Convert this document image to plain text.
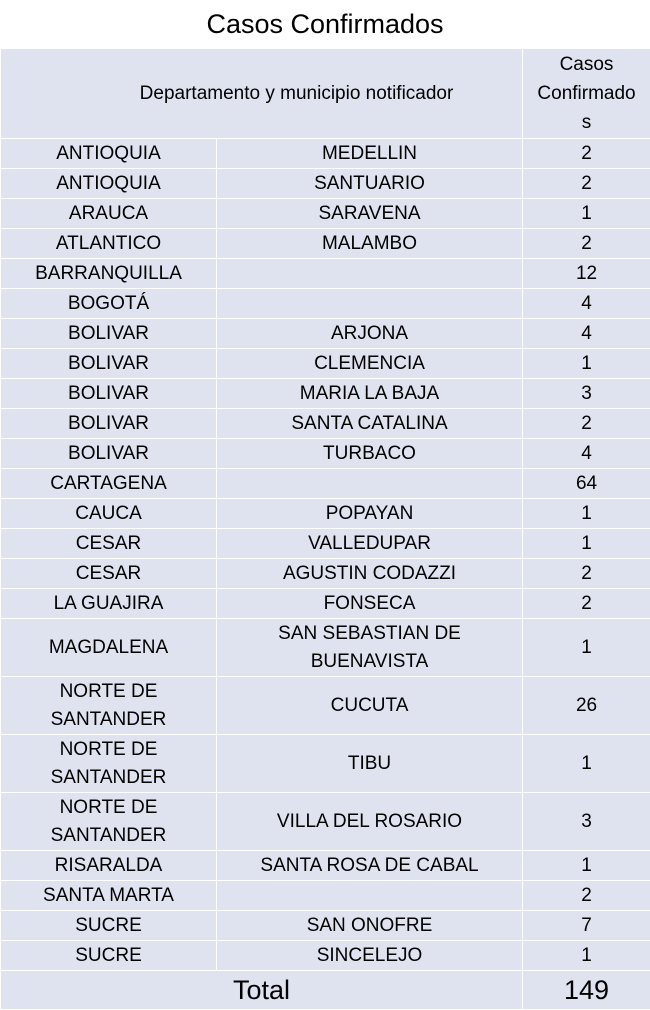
Casos Confirmados
Departamento y municipio notificador		Casos
Confirmado
s
ANTIOQUIA	MEDELLIN	2
ANTIOQUIA	SANTUARIO	2
ARAUCA	SARAVENA	1
ATLANTICO	MALAMBO	2
BARRANQUILLA		12
BOGOTÁ		4
BOLIVAR	ARJONA	4
BOLIVAR	CLEMENCIA	1
BOLIVAR	MARIA LA BAJA	3
BOLIVAR	SANTA CATALINA	2
BOLIVAR	TURBACO	4
CARTAGENA		64
CAUCA	POPAYAN	1
CESAR	VALLEDUPAR	1
CESAR	AGUSTIN CODAZZI	2
LA GUAJIRA	FONSECA	2
MAGDALENA	SAN SEBASTIAN DE BUENAVISTA	1
NORTE DE SANTANDER	CUCUTA	26
NORTE DE SANTANDER	TIBU	1
NORTE DE SANTANDER	VILLA DEL ROSARIO	3
RISARALDA	SANTA ROSA DE CABAL	1
SANTA MARTA		2
SUCRE	SAN ONOFRE	7
SUCRE	SINCELEJO	1
Total		149
